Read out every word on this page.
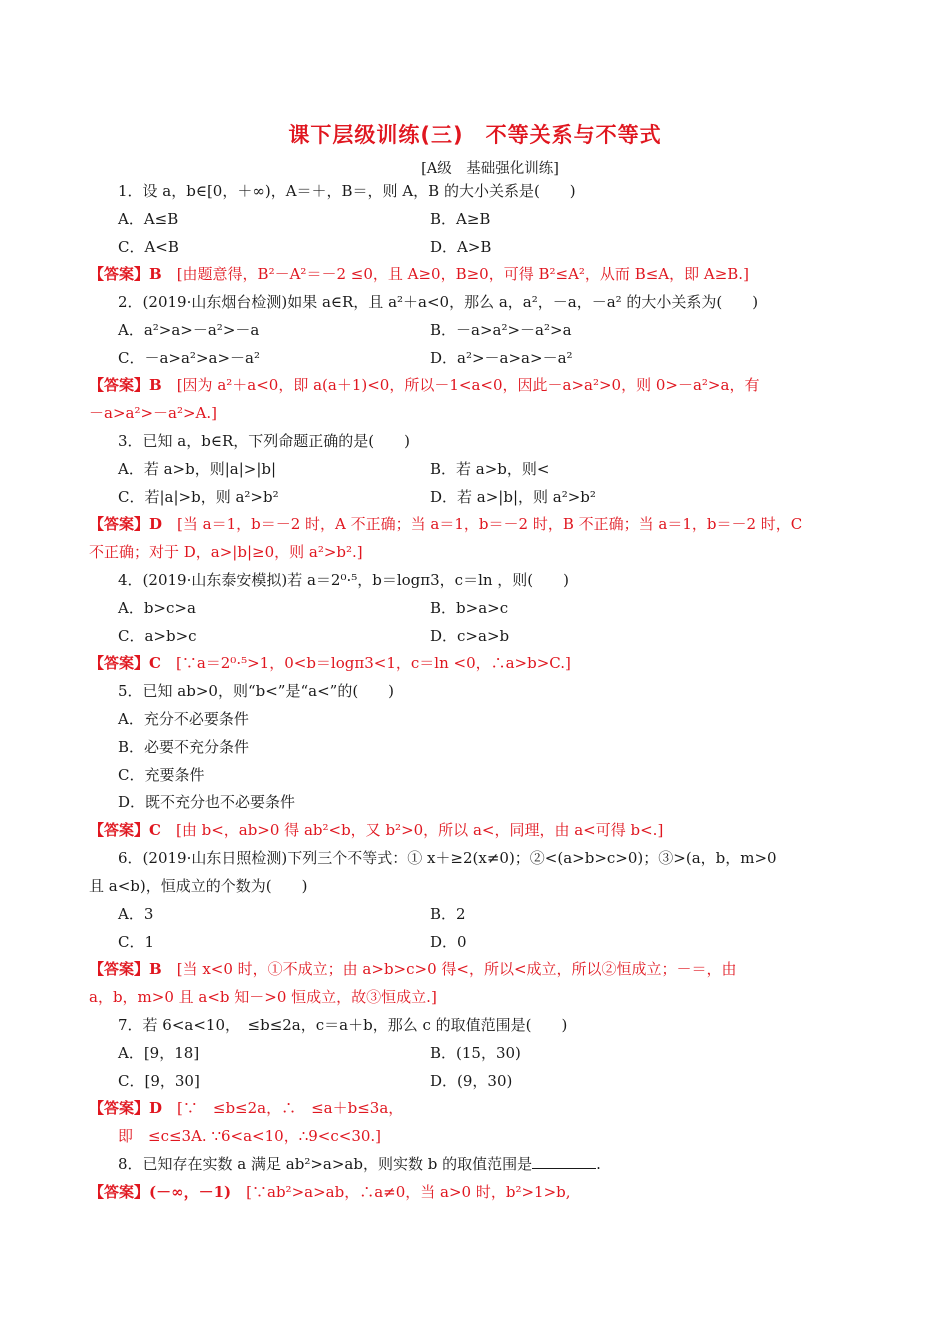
课下层级训练(三)　不等关系与不等式
[A级　基础强化训练]
1．设 a，b∈[0，＋∞)，A＝＋，B＝，则 A，B 的大小关系是(　　)
A．A≤B	B．A≥B
C．A<B	D．A>B
【答案】B　[由题意得，B²－A²＝－2 ≤0，且 A≥0，B≥0，可得 B²≤A²，从而 B≤A，即 A≥B.]
2．(2019·山东烟台检测)如果 a∈R，且 a²＋a<0，那么 a，a²，－a，－a² 的大小关系为(　　)
A．a²>a>－a²>－a	B．－a>a²>－a²>a
C．－a>a²>a>－a²	D．a²>－a>a>－a²
【答案】B　[因为 a²＋a<0，即 a(a＋1)<0，所以－1<a<0，因此－a>a²>0，则 0>－a²>a，有
－a>a²>－a²>A.]
3．已知 a，b∈R，下列命题正确的是(　　)
A．若 a>b，则|a|>|b|	B．若 a>b，则<
C．若|a|>b，则 a²>b²	D．若 a>|b|，则 a²>b²
【答案】D　[当 a＝1，b＝－2 时，A 不正确；当 a＝1，b＝－2 时，B 不正确；当 a＝1，b＝－2 时，C
不正确；对于 D，a>|b|≥0，则 a²>b².]
4．(2019·山东泰安模拟)若 a＝2⁰·⁵，b＝logπ3，c＝ln ，则(　　)
A．b>c>a	B．b>a>c
C．a>b>c	D．c>a>b
【答案】C　[∵a＝2⁰·⁵>1，0<b＝logπ3<1，c＝ln <0，∴a>b>C.]
5．已知 ab>0，则“b<”是“a<”的(　　)
A．充分不必要条件
B．必要不充分条件
C．充要条件
D．既不充分也不必要条件
【答案】C　[由 b<，ab>0 得 ab²<b，又 b²>0，所以 a<，同理，由 a<可得 b<.]
6．(2019·山东日照检测)下列三个不等式：① x＋≥2(x≠0)；②<(a>b>c>0)；③>(a，b，m>0
且 a<b)，恒成立的个数为(　　)
A．3	B．2
C．1	D．0
【答案】B　[当 x<0 时，①不成立；由 a>b>c>0 得<，所以<成立，所以②恒成立；－＝，由
a，b，m>0 且 a<b 知－>0 恒成立，故③恒成立.]
7．若 6<a<10，　≤b≤2a，c＝a＋b，那么 c 的取值范围是(　　)
A．[9，18]	B．(15，30)
C．[9，30]	D．(9，30)
【答案】D　[∵　≤b≤2a，∴　≤a＋b≤3a，
即　≤c≤3A. ∵6<a<10，∴9<c<30.]
8．已知存在实数 a 满足 ab²>a>ab，则实数 b 的取值范围是	.
【答案】(－∞，－1)　[∵ab²>a>ab，∴a≠0，当 a>0 时，b²>1>b,
